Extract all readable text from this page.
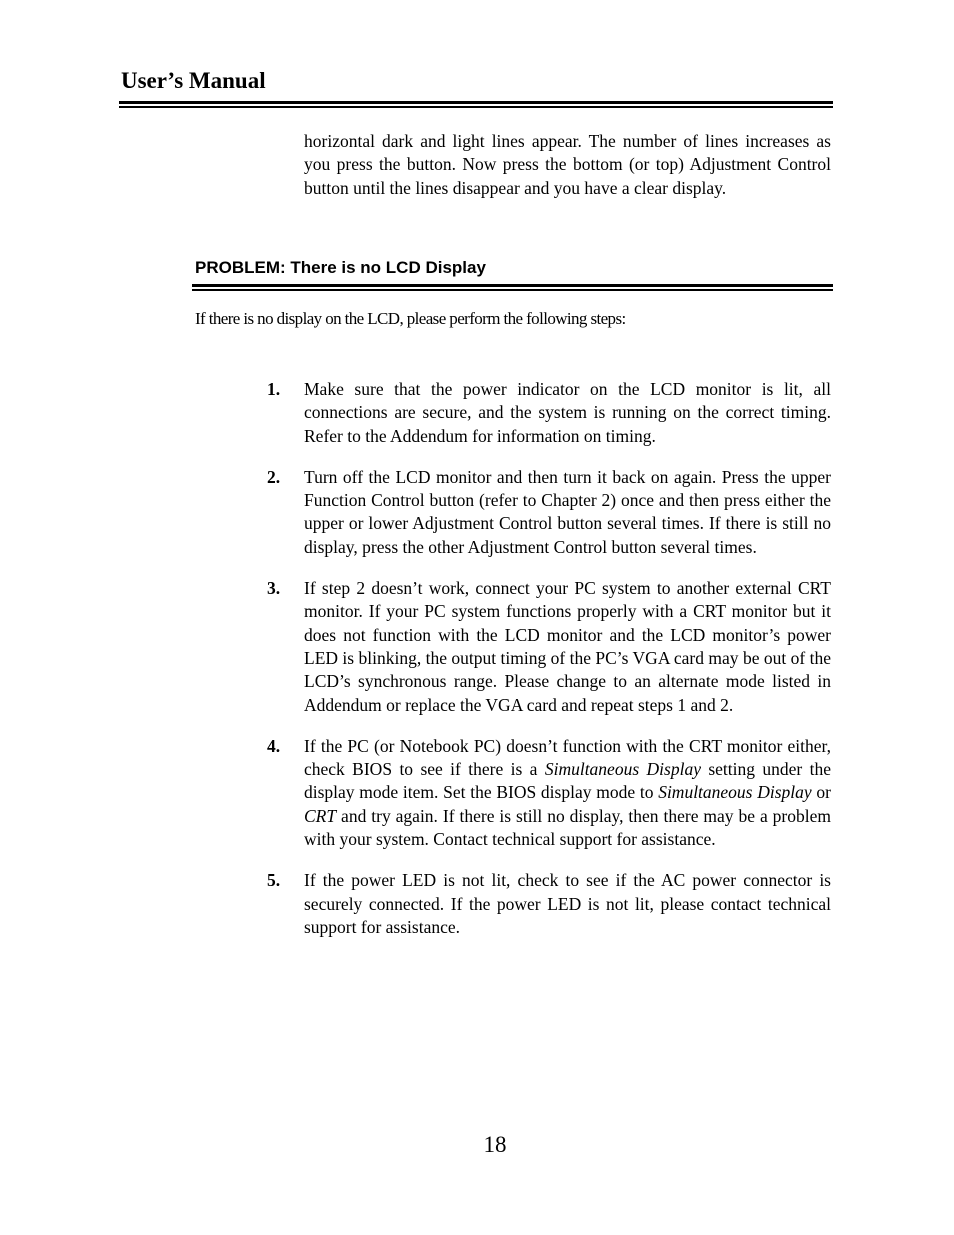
User’s Manual

horizontal dark and light lines appear. The number of lines increases as you press the button. Now press the bottom (or top) Adjustment Control button until the lines disappear and you have a clear display.

PROBLEM: There is no LCD Display
If there is no display on the LCD, please perform the following steps:
1. Make sure that the power indicator on the LCD monitor is lit, all connections are secure, and the system is running on the correct timing. Refer to the Addendum for information on timing.

2. Turn off the LCD monitor and then turn it back on again. Press the upper Function Control button (refer to Chapter 2) once and then press either the upper or lower Adjustment Control button several times. If there is still no display, press the other Adjustment Control button several times.

3. If step 2 doesn’t work, connect your PC system to another external CRT monitor. If your PC system functions properly with a CRT monitor but it does not function with the LCD monitor and the LCD monitor’s power LED is blinking, the output timing of the PC’s VGA card may be out of the LCD’s synchronous range. Please change to an alternate mode listed in Addendum or replace the VGA card and repeat steps 1 and 2.

4. If the PC (or Notebook PC) doesn’t function with the CRT monitor either, check BIOS to see if there is a Simultaneous Display setting under the display mode item. Set the BIOS display mode to Simultaneous Display or CRT and try again. If there is still no display, then there may be a problem with your system. Contact technical support for assistance.

5. If the power LED is not lit, check to see if the AC power connector is securely connected. If the power LED is not lit, please contact technical support for assistance.

18
